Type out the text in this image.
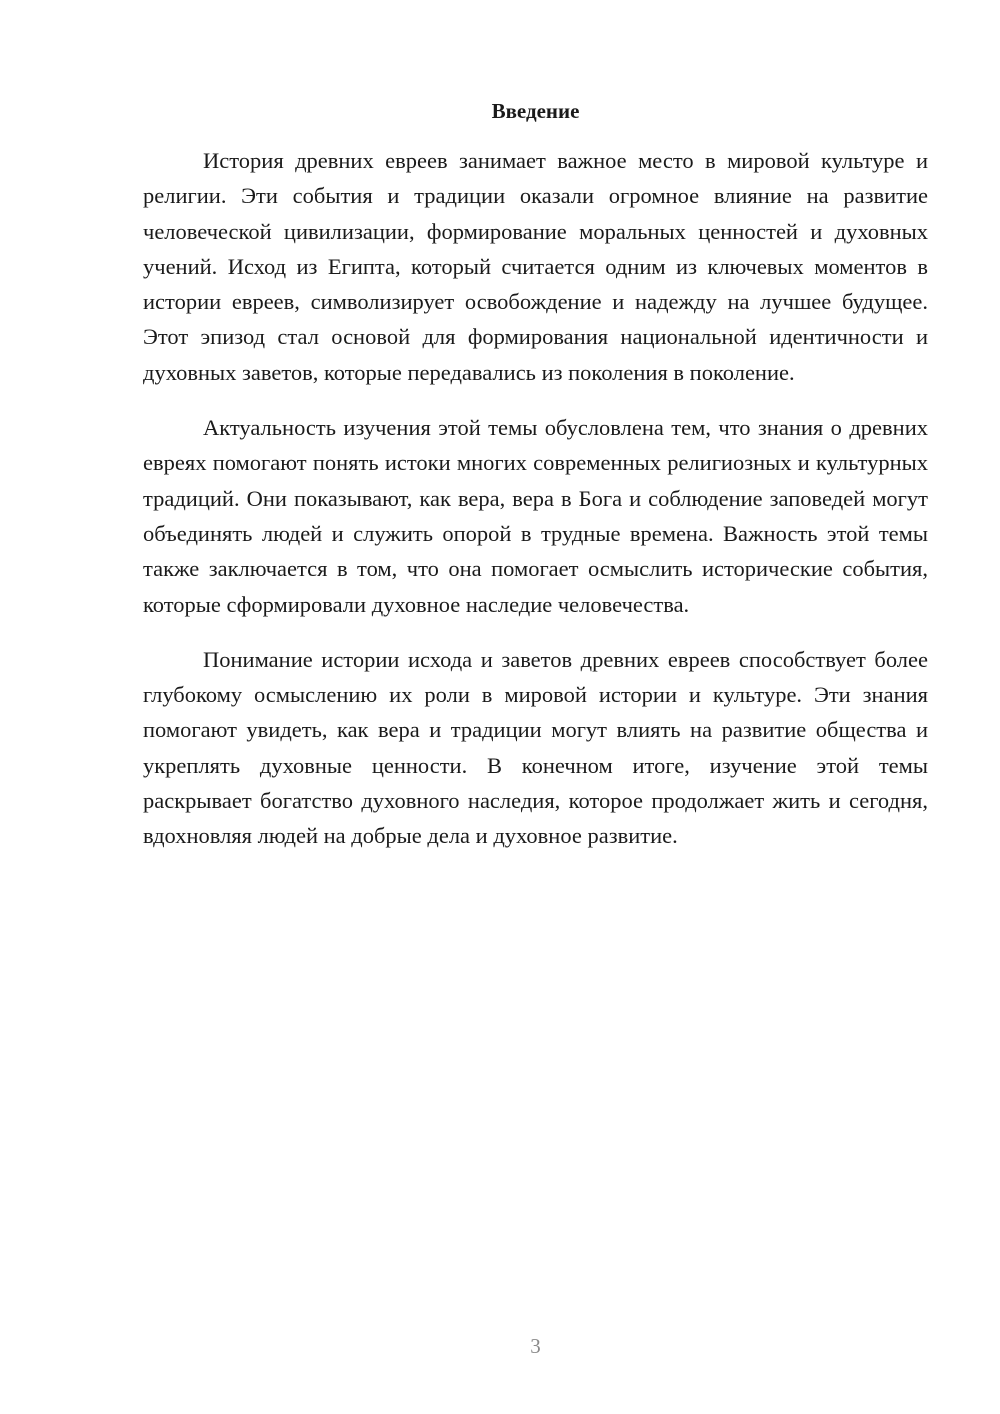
Введение

История древних евреев занимает важное место в мировой культуре и религии. Эти события и традиции оказали огромное влияние на развитие человеческой цивилизации, формирование моральных ценностей и духовных учений. Исход из Египта, который считается одним из ключевых моментов в истории евреев, символизирует освобождение и надежду на лучшее будущее. Этот эпизод стал основой для формирования национальной идентичности и духовных заветов, которые передавались из поколения в поколение.

Актуальность изучения этой темы обусловлена тем, что знания о древних евреях помогают понять истоки многих современных религиозных и культурных традиций. Они показывают, как вера, вера в Бога и соблюдение заповедей могут объединять людей и служить опорой в трудные времена. Важность этой темы также заключается в том, что она помогает осмыслить исторические события, которые сформировали духовное наследие человечества.

Понимание истории исхода и заветов древних евреев способствует более глубокому осмыслению их роли в мировой истории и культуре. Эти знания помогают увидеть, как вера и традиции могут влиять на развитие общества и укреплять духовные ценности. В конечном итоге, изучение этой темы раскрывает богатство духовного наследия, которое продолжает жить и сегодня, вдохновляя людей на добрые дела и духовное развитие.

3
